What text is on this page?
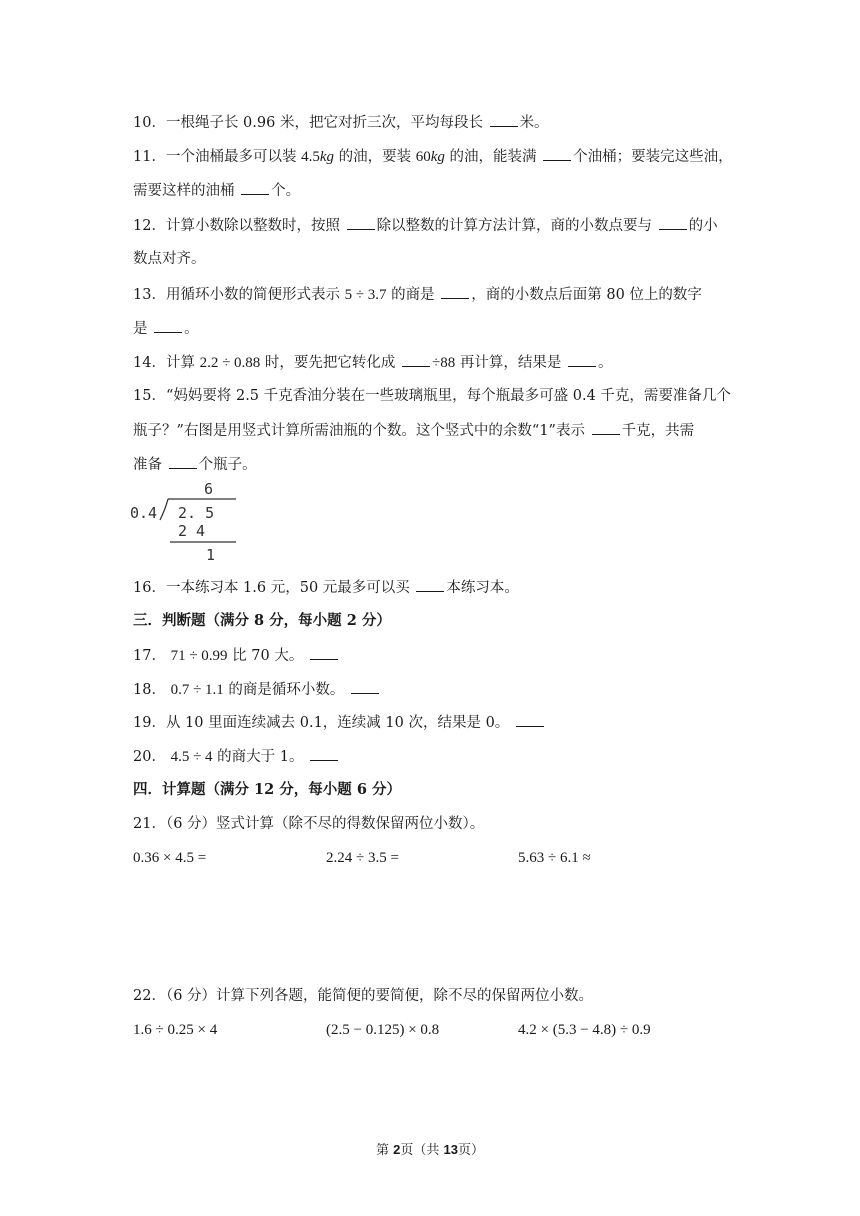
10．一根绳子长 0.96 米，把它对折三次，平均每段长 米。
11．一个油桶最多可以装 4.5kg 的油，要装 60kg 的油，能装满 个油桶；要装完这些油，
需要这样的油桶 个。
12．计算小数除以整数时，按照 除以整数的计算方法计算，商的小数点要与 的小
数点对齐。
13．用循环小数的简便形式表示 5 ÷ 3.7 的商是 ，商的小数点后面第 80 位上的数字
是 。
14．计算 2.2 ÷ 0.88 时，要先把它转化成 ÷88 再计算，结果是 。
15．“妈妈要将 2.5 千克香油分装在一些玻璃瓶里，每个瓶最多可盛 0.4 千克，需要准备几个
瓶子？”右图是用竖式计算所需油瓶的个数。这个竖式中的余数“1”表示 千克，共需
准备 个瓶子。
6
0.4 2. 5
2 4
1
16．一本练习本 1.6 元，50 元最多可以买 本练习本。
三．判断题（满分 8 分，每小题 2 分）
17． 71 ÷ 0.99 比 70 大。
18． 0.7 ÷ 1.1 的商是循环小数。
19．从 10 里面连续减去 0.1，连续减 10 次，结果是 0。
20． 4.5 ÷ 4 的商大于 1。
四．计算题（满分 12 分，每小题 6 分）
21．（6 分）竖式计算（除不尽的得数保留两位小数）。
0.36 × 4.5 =	2.24 ÷ 3.5 =	5.63 ÷ 6.1 ≈
22．（6 分）计算下列各题，能简便的要简便，除不尽的保留两位小数。
1.6 ÷ 0.25 × 4	(2.5 − 0.125) × 0.8	4.2 × (5.3 − 4.8) ÷ 0.9
第 2页（共 13页）
